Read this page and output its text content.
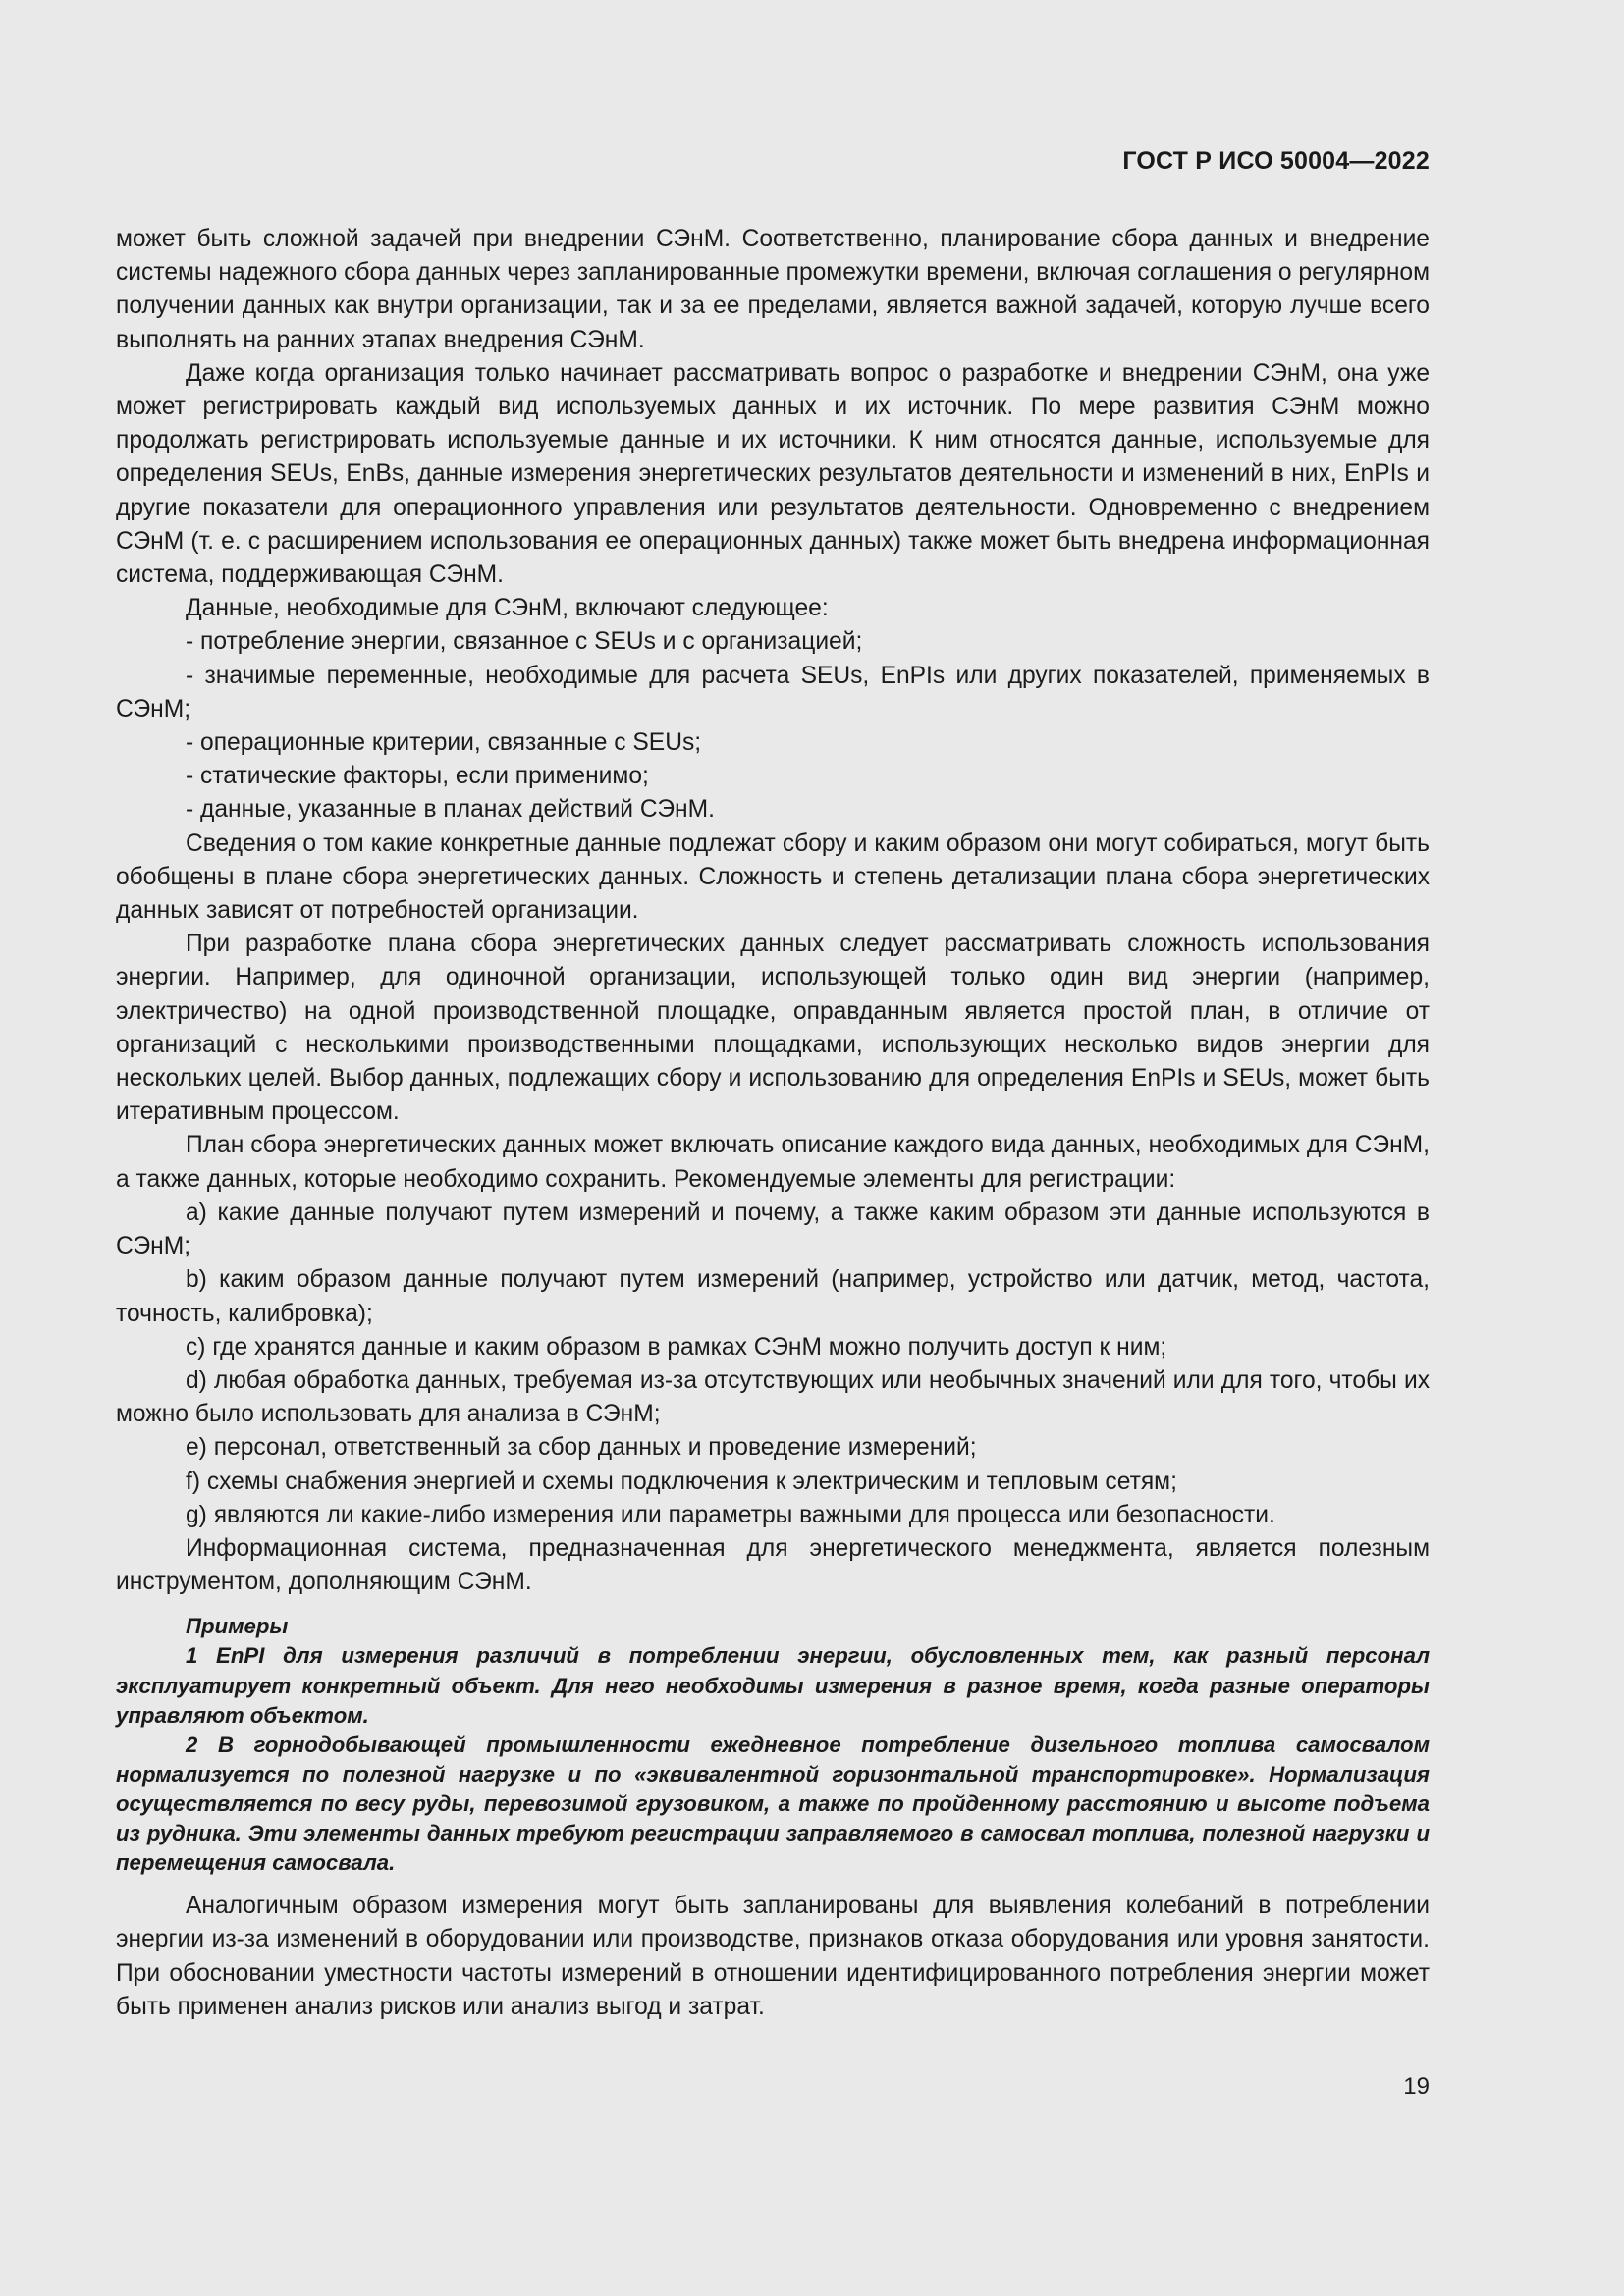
ГОСТ Р ИСО 50004—2022

может быть сложной задачей при внедрении СЭнМ. Соответственно, планирование сбора данных и внедрение системы надежного сбора данных через запланированные промежутки времени, включая соглашения о регулярном получении данных как внутри организации, так и за ее пределами, является важной задачей, которую лучше всего выполнять на ранних этапах внедрения СЭнМ.

Даже когда организация только начинает рассматривать вопрос о разработке и внедрении СЭнМ, она уже может регистрировать каждый вид используемых данных и их источник. По мере развития СЭнМ можно продолжать регистрировать используемые данные и их источники. К ним относятся данные, используемые для определения SEUs, EnBs, данные измерения энергетических результатов деятельности и изменений в них, EnPIs и другие показатели для операционного управления или результатов деятельности. Одновременно с внедрением СЭнМ (т. е. с расширением использования ее операционных данных) также может быть внедрена информационная система, поддерживающая СЭнМ.

Данные, необходимые для СЭнМ, включают следующее:

- потребление энергии, связанное с SEUs и с организацией;

- значимые переменные, необходимые для расчета SEUs, EnPIs или других показателей, применяемых в СЭнМ;

- операционные критерии, связанные с SEUs;

- статические факторы, если применимо;

- данные, указанные в планах действий СЭнМ.

Сведения о том какие конкретные данные подлежат сбору и каким образом они могут собираться, могут быть обобщены в плане сбора энергетических данных. Сложность и степень детализации плана сбора энергетических данных зависят от потребностей организации.

При разработке плана сбора энергетических данных следует рассматривать сложность использования энергии. Например, для одиночной организации, использующей только один вид энергии (например, электричество) на одной производственной площадке, оправданным является простой план, в отличие от организаций с несколькими производственными площадками, использующих несколько видов энергии для нескольких целей. Выбор данных, подлежащих сбору и использованию для определения EnPIs и SEUs, может быть итеративным процессом.

План сбора энергетических данных может включать описание каждого вида данных, необходимых для СЭнМ, а также данных, которые необходимо сохранить. Рекомендуемые элементы для регистрации:

a) какие данные получают путем измерений и почему, а также каким образом эти данные используются в СЭнМ;

b) каким образом данные получают путем измерений (например, устройство или датчик, метод, частота, точность, калибровка);

c) где хранятся данные и каким образом в рамках СЭнМ можно получить доступ к ним;

d) любая обработка данных, требуемая из-за отсутствующих или необычных значений или для того, чтобы их можно было использовать для анализа в СЭнМ;

e) персонал, ответственный за сбор данных и проведение измерений;

f) схемы снабжения энергией и схемы подключения к электрическим и тепловым сетям;

g) являются ли какие-либо измерения или параметры важными для процесса или безопасности.

Информационная система, предназначенная для энергетического менеджмента, является полезным инструментом, дополняющим СЭнМ.

Примеры

1 EnPI для измерения различий в потреблении энергии, обусловленных тем, как разный персонал эксплуатирует конкретный объект. Для него необходимы измерения в разное время, когда разные операторы управляют объектом.

2 В горнодобывающей промышленности ежедневное потребление дизельного топлива самосвалом нормализуется по полезной нагрузке и по «эквивалентной горизонтальной транспортировке». Нормализация осуществляется по весу руды, перевозимой грузовиком, а также по пройденному расстоянию и высоте подъема из рудника. Эти элементы данных требуют регистрации заправляемого в самосвал топлива, полезной нагрузки и перемещения самосвала.

Аналогичным образом измерения могут быть запланированы для выявления колебаний в потреблении энергии из-за изменений в оборудовании или производстве, признаков отказа оборудования или уровня занятости. При обосновании уместности частоты измерений в отношении идентифицированного потребления энергии может быть применен анализ рисков или анализ выгод и затрат.

19
